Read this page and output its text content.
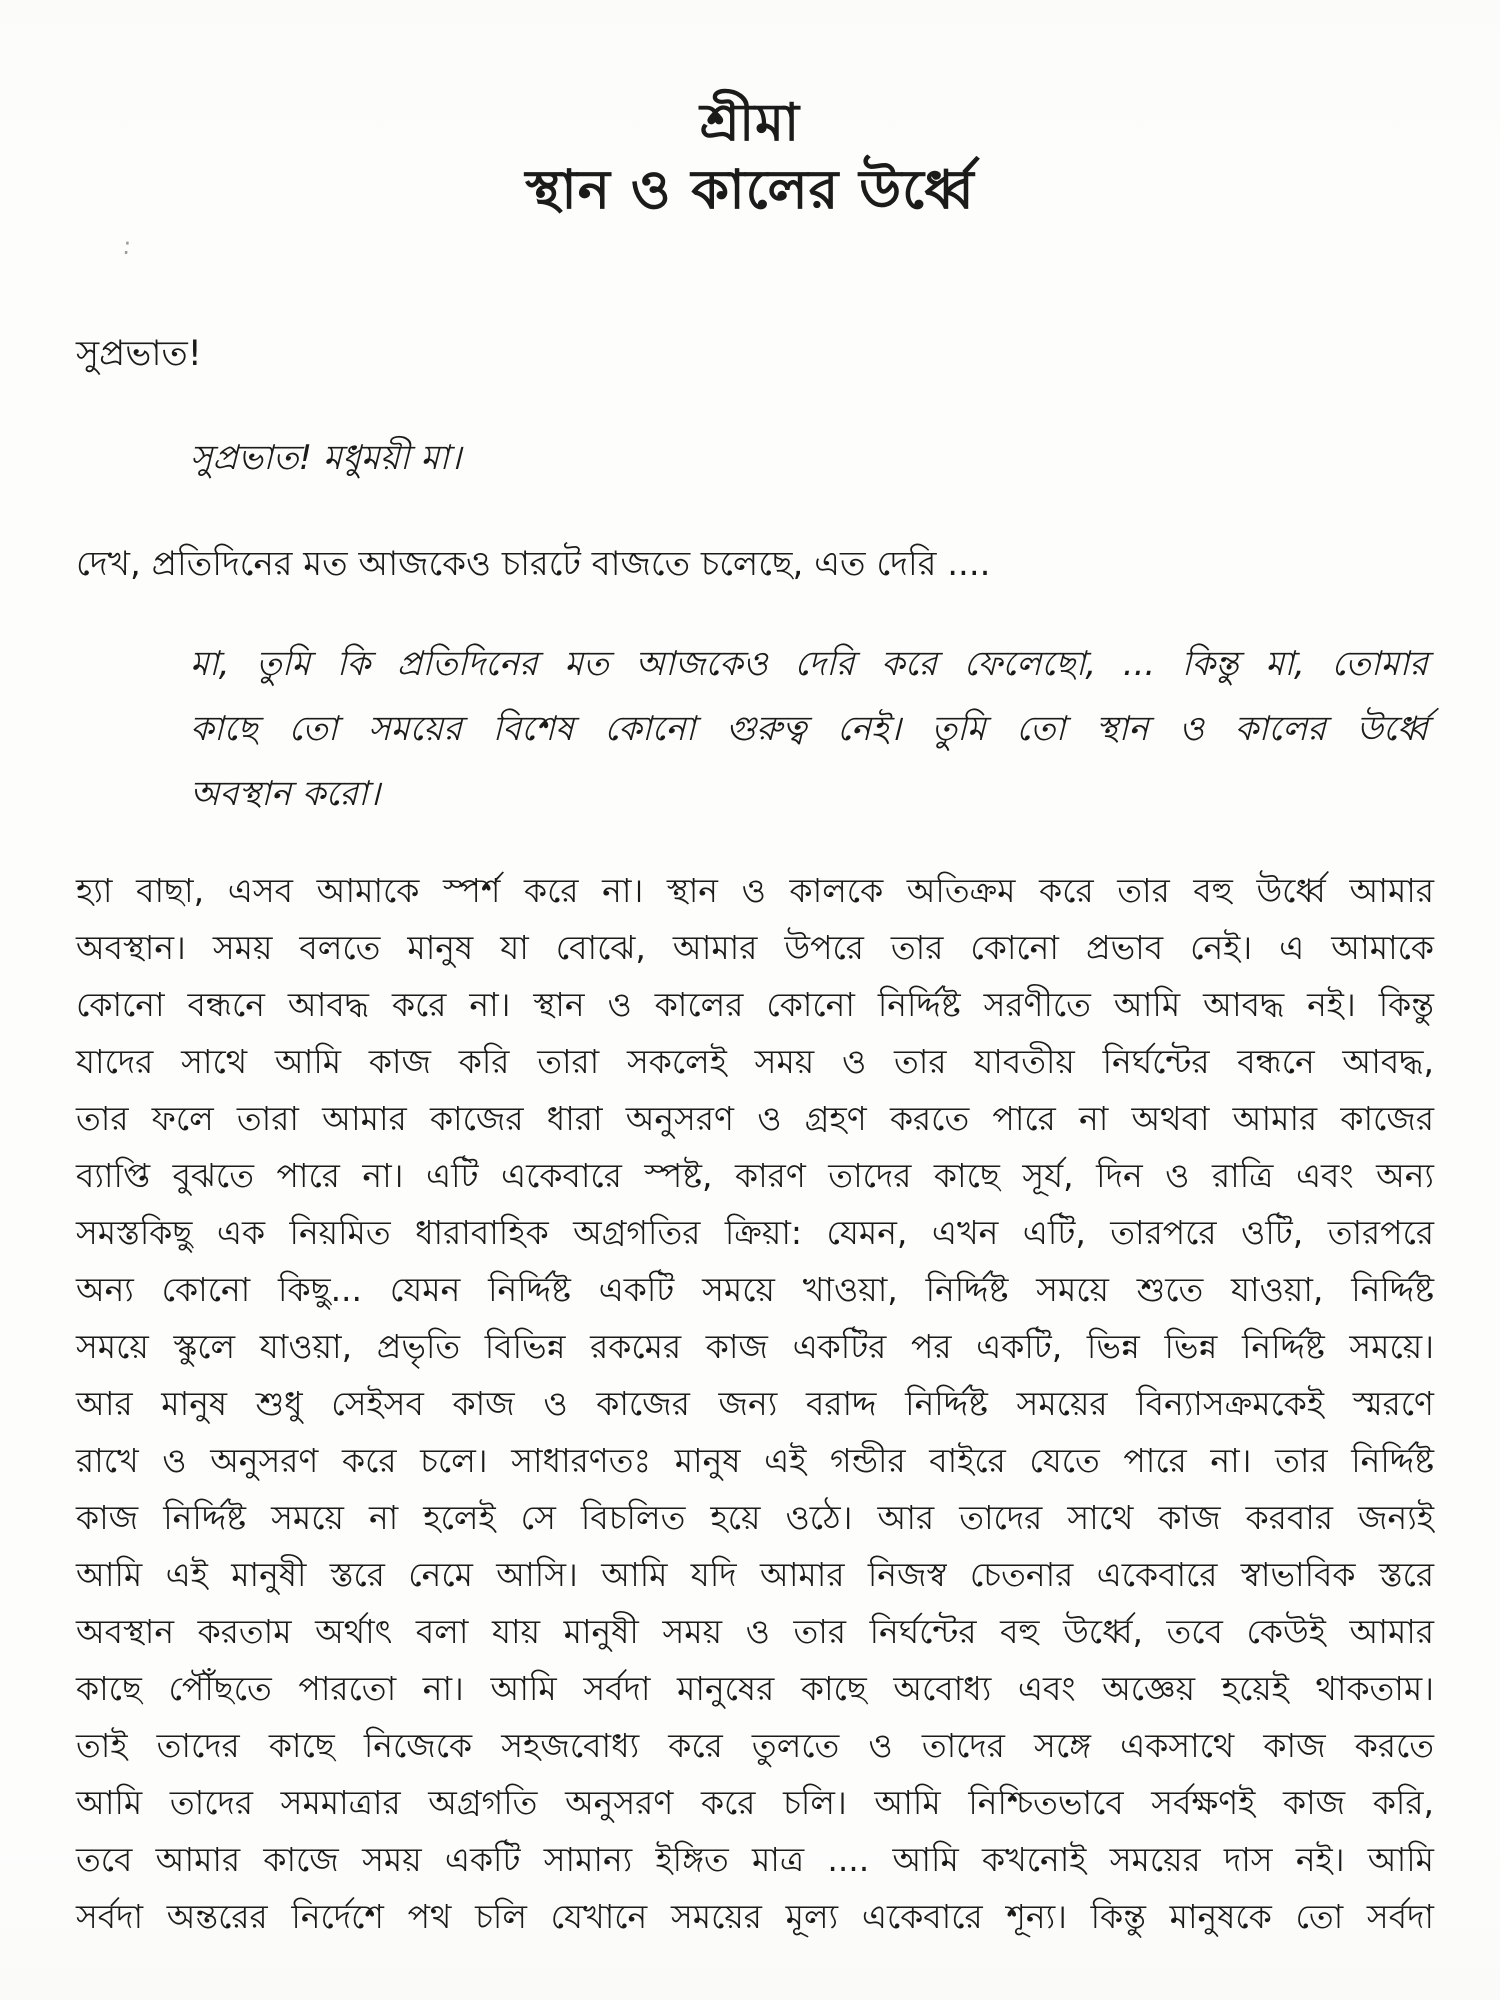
শ্রীমা
স্থান ও কালের উর্ধ্বে
:
সুপ্রভাত!
সুপ্রভাত! মধুময়ী মা।
দেখ, প্রতিদিনের মত আজকেও চারটে বাজতে চলেছে, এত দেরি ....
মা, তুমি কি প্রতিদিনের মত আজকেও দেরি করে ফেলেছো, ... কিন্তু মা, তোমার
কাছে তো সময়ের বিশেষ কোনো গুরুত্ব নেই। তুমি তো স্থান ও কালের উর্ধ্বে
অবস্থান করো।
হ্যা বাছা, এসব আমাকে স্পর্শ করে না। স্থান ও কালকে অতিক্রম করে তার বহু উর্ধ্বে আমার
অবস্থান। সময় বলতে মানুষ যা বোঝে, আমার উপরে তার কোনো প্রভাব নেই। এ আমাকে
কোনো বন্ধনে আবদ্ধ করে না। স্থান ও কালের কোনো নির্দ্দিষ্ট সরণীতে আমি আবদ্ধ নই। কিন্তু
যাদের সাথে আমি কাজ করি তারা সকলেই সময় ও তার যাবতীয় নির্ঘন্টের বন্ধনে আবদ্ধ,
তার ফলে তারা আমার কাজের ধারা অনুসরণ ও গ্রহণ করতে পারে না অথবা আমার কাজের
ব্যাপ্তি বুঝতে পারে না। এটি একেবারে স্পষ্ট, কারণ তাদের কাছে সূর্য, দিন ও রাত্রি এবং অন্য
সমস্তকিছু এক নিয়মিত ধারাবাহিক অগ্রগতির ক্রিয়া: যেমন, এখন এটি, তারপরে ওটি, তারপরে
অন্য কোনো কিছু... যেমন নির্দ্দিষ্ট একটি সময়ে খাওয়া, নির্দ্দিষ্ট সময়ে শুতে যাওয়া, নির্দ্দিষ্ট
সময়ে স্কুলে যাওয়া, প্রভৃতি বিভিন্ন রকমের কাজ একটির পর একটি, ভিন্ন ভিন্ন নির্দ্দিষ্ট সময়ে।
আর মানুষ শুধু সেইসব কাজ ও কাজের জন্য বরাদ্দ নির্দ্দিষ্ট সময়ের বিন্যাসক্রমকেই স্মরণে
রাখে ও অনুসরণ করে চলে। সাধারণতঃ মানুষ এই গন্ডীর বাইরে যেতে পারে না। তার নির্দ্দিষ্ট
কাজ নির্দ্দিষ্ট সময়ে না হলেই সে বিচলিত হয়ে ওঠে। আর তাদের সাথে কাজ করবার জন্যই
আমি এই মানুষী স্তরে নেমে আসি। আমি যদি আমার নিজস্ব চেতনার একেবারে স্বাভাবিক স্তরে
অবস্থান করতাম অর্থাৎ বলা যায় মানুষী সময় ও তার নির্ঘন্টের বহু উর্ধ্বে, তবে কেউই আমার
কাছে পৌঁছতে পারতো না। আমি সর্বদা মানুষের কাছে অবোধ্য এবং অজ্ঞেয় হয়েই থাকতাম।
তাই তাদের কাছে নিজেকে সহজবোধ্য করে তুলতে ও তাদের সঙ্গে একসাথে কাজ করতে
আমি তাদের সমমাত্রার অগ্রগতি অনুসরণ করে চলি। আমি নিশ্চিতভাবে সর্বক্ষণই কাজ করি,
তবে আমার কাজে সময় একটি সামান্য ইঙ্গিত মাত্র .... আমি কখনোই সময়ের দাস নই। আমি
সর্বদা অন্তরের নির্দেশে পথ চলি যেখানে সময়ের মূল্য একেবারে শূন্য। কিন্তু মানুষকে তো সর্বদা
